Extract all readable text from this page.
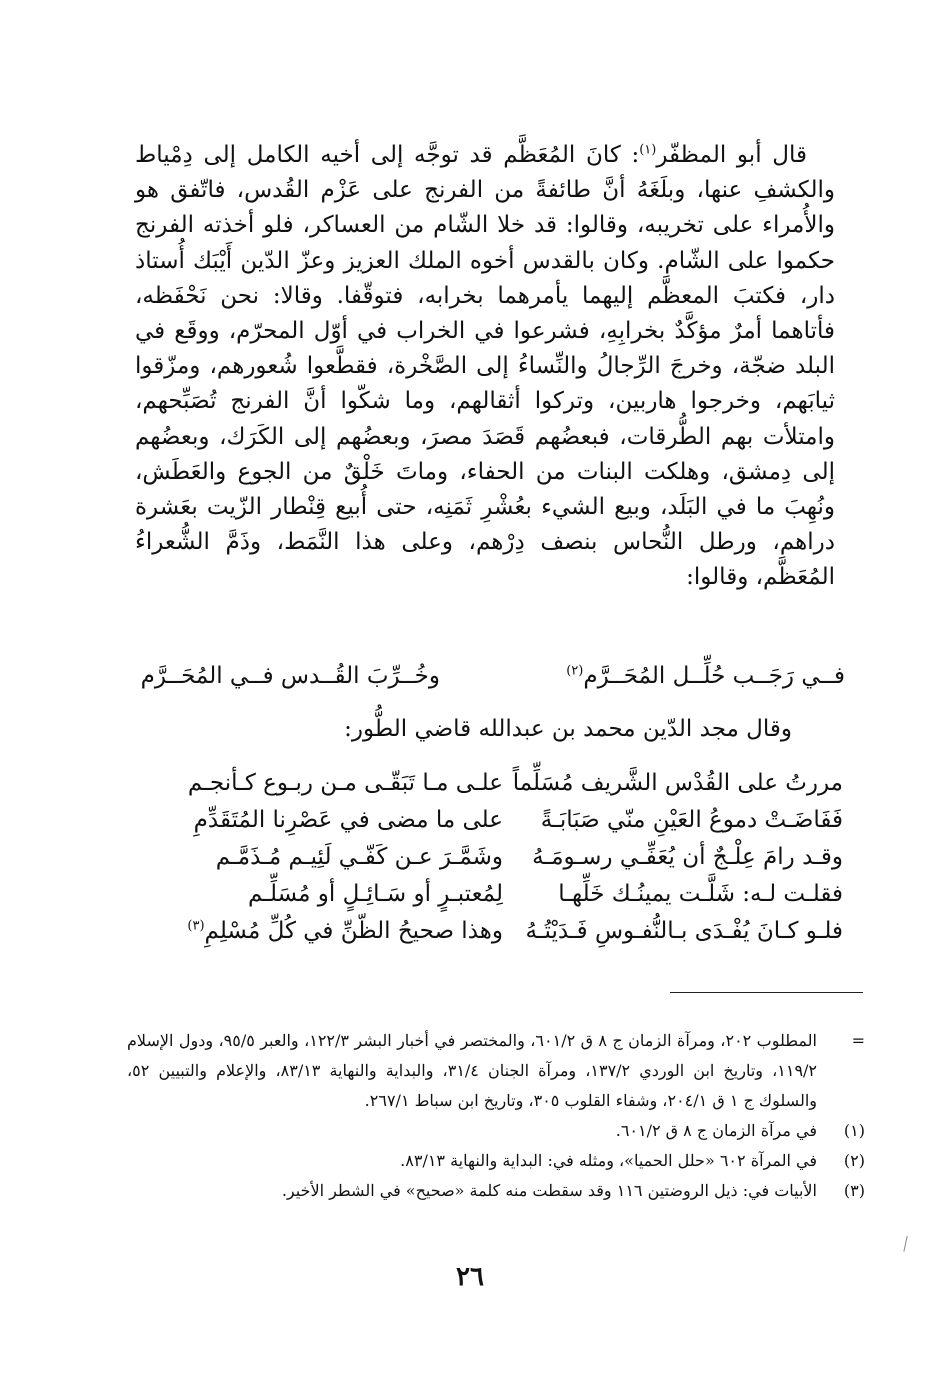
قال أبو المظفّر$^{(١)}$: كانَ المُعَظَّم قد توجَّه إلى أخيه الكامل إلى دِمْياط والكشفِ عنها، وبلَغَهُ أنَّ طائفةً من الفرنج على عَزْم القُدس، فاتّفق هو والأُمراء على تخريبه، وقالوا: قد خلا الشّام من العساكر، فلو أخذته الفرنج حكموا على الشّام. وكان بالقدس أخوه الملك العزيز وعزّ الدّين أَيْبَك أُستاذ دار، فكتبَ المعظَّم إليهما يأمرهما بخرابه، فتوقّفا. وقالا: نحن نَحْفَظه، فأتاهما أمرٌ مؤكَّدٌ بخرابِهِ، فشرعوا في الخراب في أوّل المحرّم، ووقَع في البلد ضجّة، وخرجَ الرِّجالُ والنِّساءُ إلى الصَّخْرة، فقطَّعوا شُعورهم، ومزّقوا ثيابَهم، وخرجوا هاربين، وتركوا أثقالهم، وما شكّوا أنَّ الفرنج تُصَبِّحهم، وامتلأت بهم الطُّرقات، فبعضُهم قَصَدَ مصرَ، وبعضُهم إلى الكَرَك، وبعضُهم إلى دِمشق، وهلكت البنات من الحفاء، وماتَ خَلْقٌ من الجوع والعَطَش، ونُهِبَ ما في البَلَد، وبيع الشيء بعُشْرِ ثَمَنِه، حتى أُبيع قِنْطار الزّيت بعَشرة دراهم، ورطل النُّحاس بنصف دِرْهم، وعلى هذا النَّمَط، وذَمَّ الشُّعراءُ المُعَظَّم، وقالوا:

فــي رَجَــب حُلِّــل المُحَــرَّم$^{(٢)}$
وخُــرِّبَ القُــدس فــي المُحَــرَّم
وقال مجد الدّين محمد بن عبدالله قاضي الطُّور:
مررتُ على القُدْس الشَّريف مُسَلِّماً
علـى مـا تَبَقّـى مـن ربـوع كـأنجـم
فَفَاضَـتْ دموعُ العَيْنِ منّي صَبَابَـةً
على ما مضى في عَصْرِنا المُتَقَدِّمِ
وقـد رامَ عِلْـجٌ أن يُعَفِّـي رسـومَـهُ
وشَمَّـرَ عـن كَفّـي لَئِيـم مُـذَمَّـم
فقلـت لـه: شَلَّـت يمينُـك خَلِّهـا
لِمُعتبـرٍ أو سَـائِـلٍ أو مُسَلِّـم
فلـو كـانَ يُفْـدَى بـالنُّفـوسِ فَـدَيْتُـهُ
وهذا صحيحُ الظّنِّ في كُلِّ مُسْلِمِ$^{(٣)}$
=
المطلوب ٢٠٢، ومرآة الزمان ج ٨ ق ٦٠١/٢، والمختصر في أخبار البشر ١٢٢/٣، والعبر ٩٥/٥، ودول الإسلام ١١٩/٢، وتاريخ ابن الوردي ١٣٧/٢، ومرآة الجنان ٣١/٤، والبداية والنهاية ٨٣/١٣، والإعلام والتبيين ٥٢، والسلوك ج ١ ق ٢٠٤/١، وشفاء القلوب ٣٠٥، وتاريخ ابن سباط ٢٦٧/١.
(١)
في مرآة الزمان ج ٨ ق ٦٠١/٢.
(٢)
في المرآة ٦٠٢ «حلل الحميا»، ومثله في: البداية والنهاية ٨٣/١٣.
(٣)
الأبيات في: ذيل الروضتين ١١٦ وقد سقطت منه كلمة «صحيح» في الشطر الأخير.
٢٦
